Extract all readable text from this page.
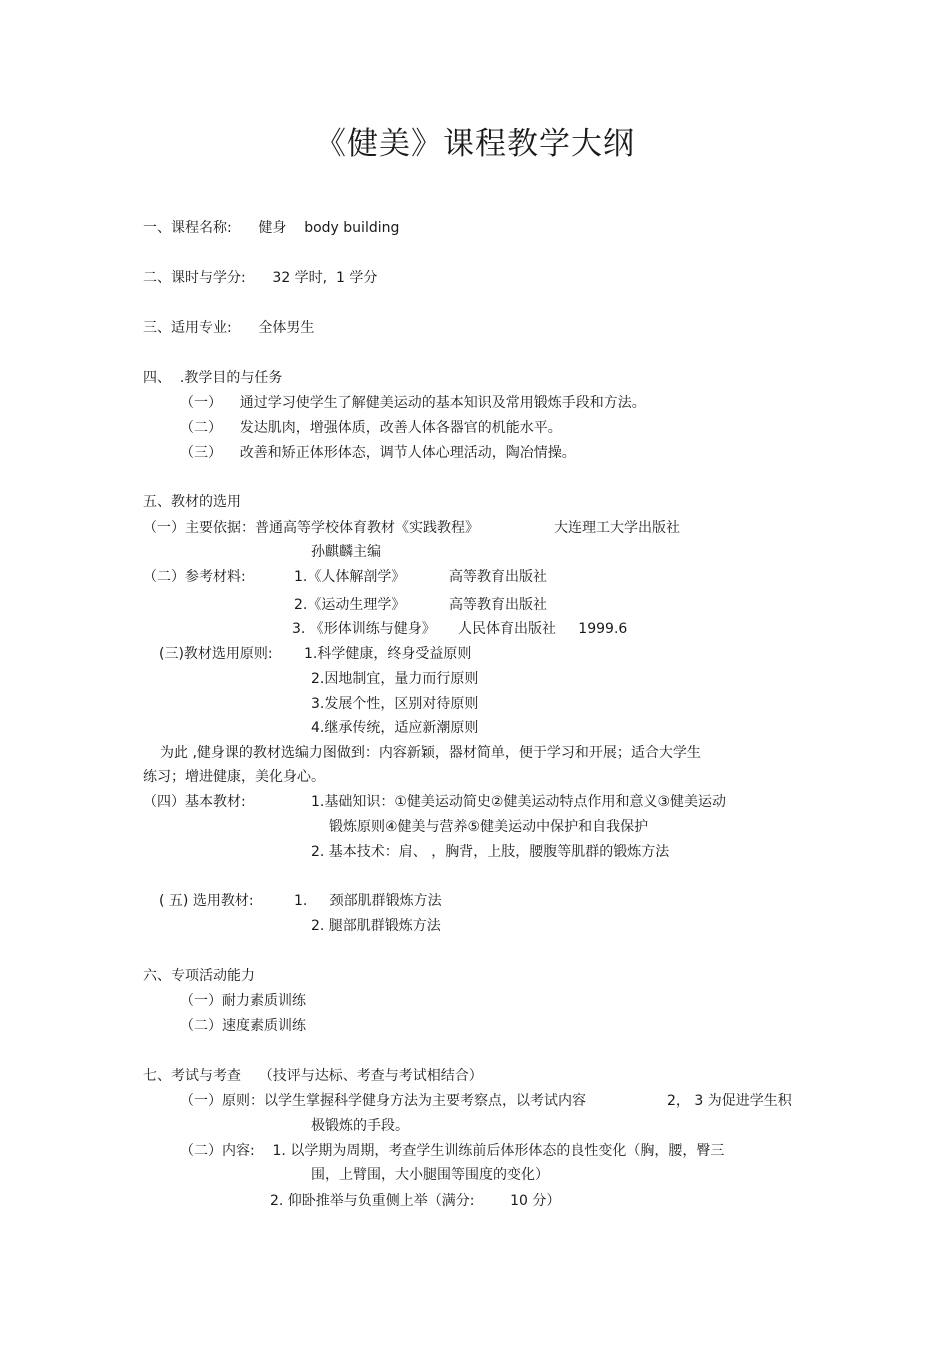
《健美》课程教学大纲
一、课程名称:      健身    body building
二、课时与学分:      32 学时,  1 学分
三、适用专业:      全体男生
四、  .教学目的与任务
（一）    通过学习使学生了解健美运动的基本知识及常用锻炼手段和方法。
（二）    发达肌肉，增强体质，改善人体各器官的机能水平。
（三）    改善和矫正体形体态，调节人体心理活动，陶冶情操。
五、教材的选用
（一）主要依据：普通高等学校体育教材《实践教程》	大连理工大学出版社
孙麒麟主编
（二）参考材料:	1.《人体解剖学》	高等教育出版社
2.《运动生理学》	高等教育出版社
3. 《形体训练与健身》     人民体育出版社     1999.6
(三)教材选用原则: 1.科学健康，终身受益原则
2.因地制宜，量力而行原则
3.发展个性，区别对待原则
4.继承传统，适应新潮原则
为此 ,健身课的教材选编力图做到：内容新颖，器材简单，便于学习和开展；适合大学生
练习；增进健康，美化身心。
（四）基本教材:	1.基础知识：①健美运动简史②健美运动特点作用和意义③健美运动
锻炼原则④健美与营养⑤健美运动中保护和自我保护
2. 基本技术：肩、 ，胸背，上肢，腰腹等肌群的锻炼方法
( 五) 选用教材:	1.     颈部肌群锻炼方法
2. 腿部肌群锻炼方法
六、专项活动能力
（一）耐力素质训练
（二）速度素质训练
七、考试与考查    （技评与达标、考查与考试相结合）
（一）原则：以学生掌握科学健身方法为主要考察点，以考试内容	2， 3 为促进学生积
极锻炼的手段。
（二）内容:    1. 以学期为周期，考查学生训练前后体形体态的良性变化（胸，腰，臀三
围，上臂围，大小腿围等围度的变化）
2. 仰卧推举与负重侧上举（满分:        10 分）
